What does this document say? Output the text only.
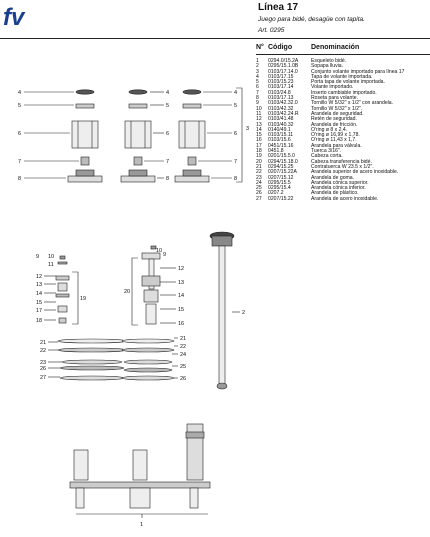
fv	Línea 17
Juego para bidé, desagüe con tapita.
Art. 0295
N° Código	Denominación
1	0294.0/15.2A	Esqueleto bidé.
2	0295/15.1.0B	Sopapa lluvia.
3	0103/17.14.0	Conjunto volante importado para línea 17
4	0103/17.15	Tapa de volante importada.
5	0103/15.23	Porta tapa de volante importada.
6	0103/17.14	Volante importado.
7	0103/24.8	Inserto cambiable importado.
8	0103/17.13	Roseta para volante.
9	0103/42.32.0	Tornillo W 5/32" x 1/2" con arandela.
10	0103/42.32	Tornillo W 5/32" x 1/2".
11	0103/42.24.R	Arandela de seguridad.
12	0103/41.48	Retén de seguridad.
13	0103/40.32	Arandela de fricción.
14	0140/49.1	O'ring ø 8 x 2,4.
15	0103/15.11	O'ring ø 16,99 x 1,78.
16	0103/15.6	O'ring ø 11,43 x 1,7.
17	0451/15.16	Arandela para válvula.
18	0451.8	Tuerca 3/16".
19	0201/15.5.0	Cabeza corta.
20	0294/15.18.0	Cabeza transferencia bidé.
21	0294/15.25	Contratuerca W 23.5 x 1/2".
22	0207/15.22A	Arandela superior de acero inoxidable.
23	0207/15.12	Arandela de goma.
24	0295/15.5	Arandela cónica superior.
25	0295/15.4	Arandela cónica inferior.
26	0207.2	Arandela de plástico.
27	0207/15.22	Arandela de acero inoxidable.
4
5
6
7
8
4
5
6
7
8
4
5
6
7
8
3
10
11
9
12
13
14
15
17
18
19
10
9
12
13
14
15
16
20
21
22
23
26
27
21
22
24
25
26
2
1
